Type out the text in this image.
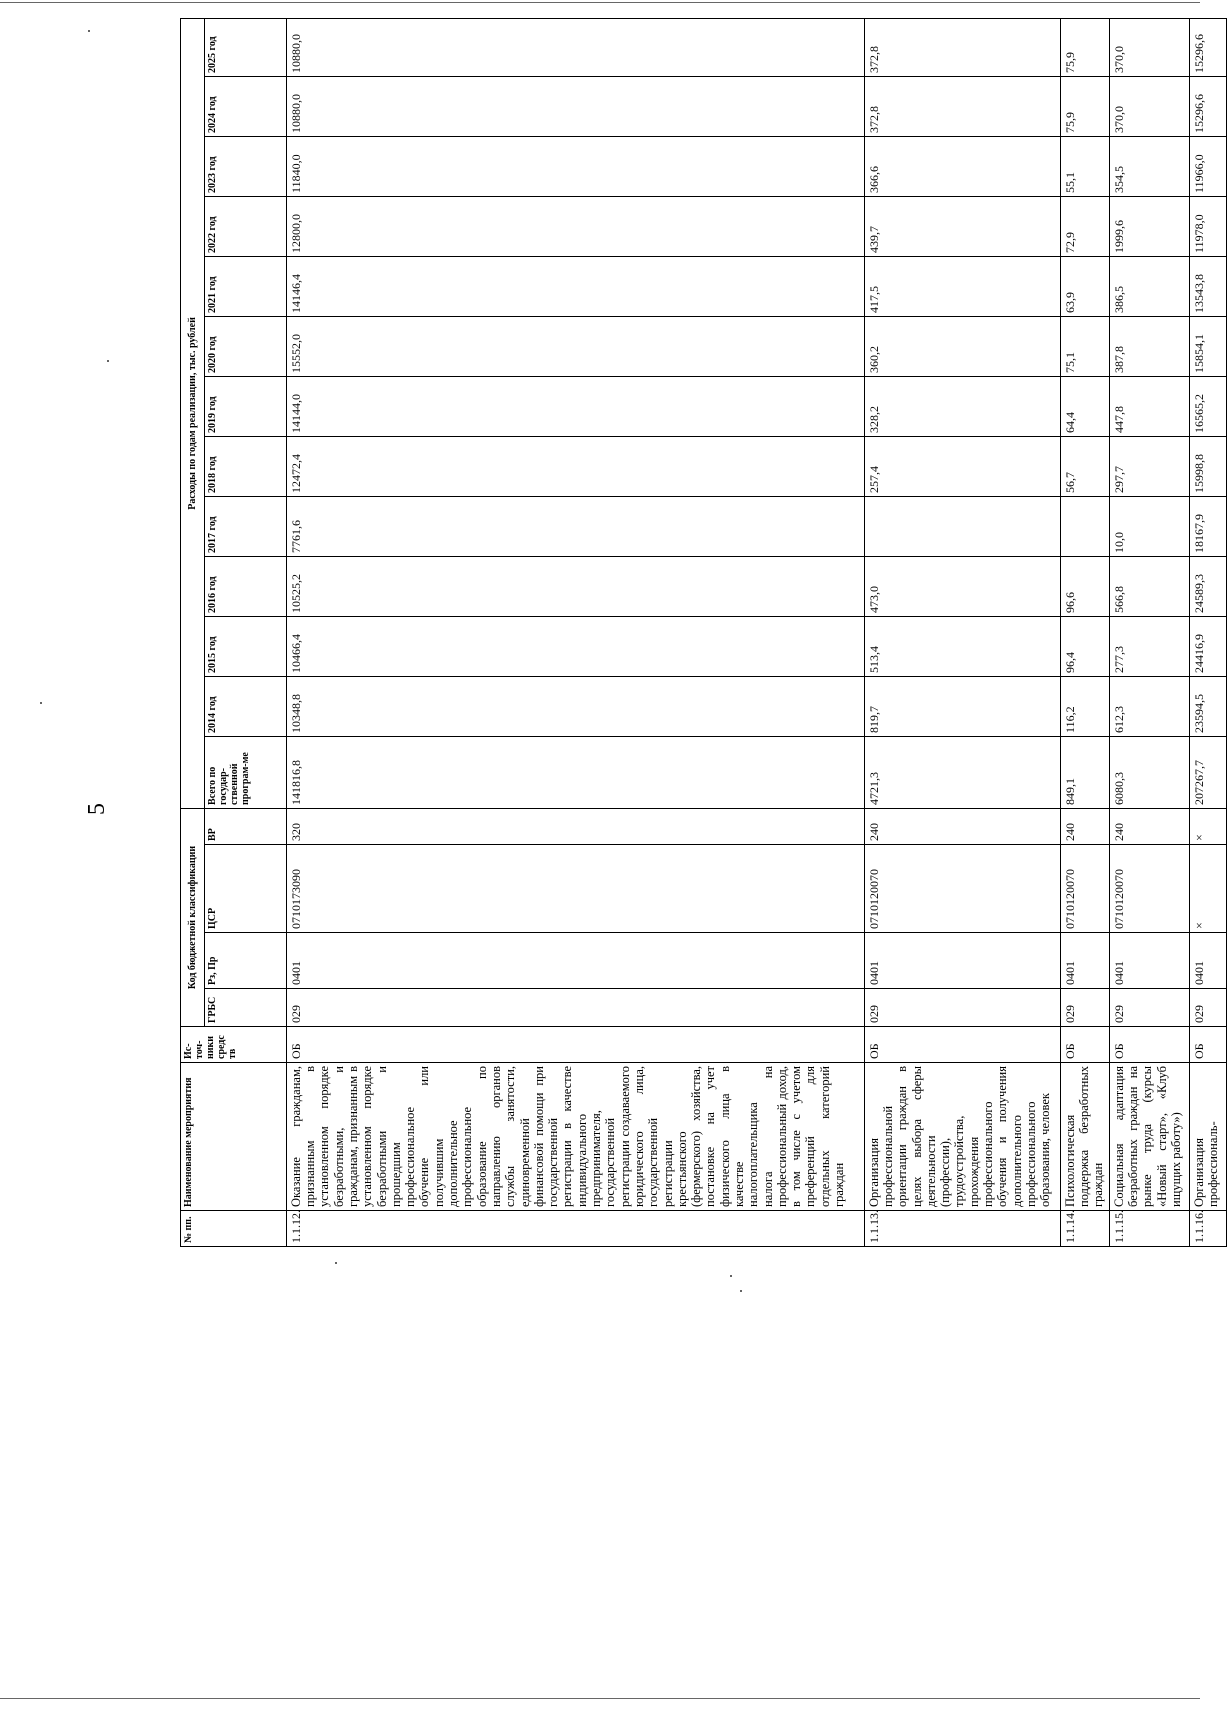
5
№ пп.	Наименование мероприятия	Ис-точ-ники средс тв	Код бюджетной классификации				Расходы по годам реализации, тыс. рублей												
			ГРБС	Рз, Пр	ЦСР	ВР	Всего по государ-ственной програм-ме	2014 год	2015 год	2016 год	2017 год	2018 год	2019 год	2020 год	2021 год	2022 год	2023 год	2024 год	2025 год
1.1.12.	Оказание гражданам, признанным в установленном порядке безработными, и гражданам, признанным в установленном порядке безработными и прошедшим профессиональное обучение или получившим дополнительное профессиональное образование по направлению органов службы занятости, единовременной финансовой помощи при государственной регистрации в качестве индивидуального предпринимателя, государственной регистрации создаваемого юридического лица, государственной регистрации крестьянского (фермерского) хозяйства, постановке на учет физического лица в качестве налогоплательщика налога на профессиональный доход, в том числе с учетом преференций для отдельных категорий граждан	ОБ	029	0401	0710173090	320	141816,8	10348,8	10466,4	10525,2	7761,6	12472,4	14144,0	15552,0	14146,4	12800,0	11840,0	10880,0	10880,0
1.1.13.	Организация профессиональной ориентации граждан в целях выбора сферы деятельности (профессии), трудоустройства, прохождения профессионального обучения и получения дополнительного профессионального образования, человек	ОБ	029	0401	0710120070	240	4721,3	819,7	513,4	473,0		257,4	328,2	360,2	417,5	439,7	366,6	372,8	372,8
1.1.14.	Психологическая поддержка безработных граждан	ОБ	029	0401	0710120070	240	849,1	116,2	96,4	96,6		56,7	64,4	75,1	63,9	72,9	55,1	75,9	75,9
1.1.15.	Социальная адаптация безработных граждан на рынке труда (курсы «Новый старт», «Клуб ищущих работу»)	ОБ	029	0401	0710120070	240	6080,3	612,3	277,3	566,8	10,0	297,7	447,8	387,8	386,5	1999,6	354,5	370,0	370,0
1.1.16.	Организация профессиональ-	ОБ	029	0401	×	×	207267,7	23594,5	24416,9	24589,3	18167,9	15998,8	16565,2	15854,1	13543,8	11978,0	11966,0	15296,6	15296,6
